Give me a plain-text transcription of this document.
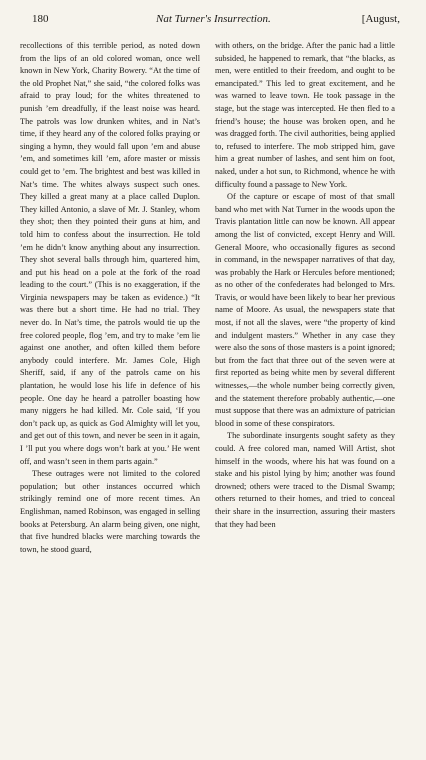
180	Nat Turner's Insurrection.	[August,

recollections of this terrible period, as noted down from the lips of an old colored woman, once well known in New York, Charity Bowery. “At the time of the old Prophet Nat,” she said, “the colored folks was afraid to pray loud; for the whites threatened to punish ’em dreadfully, if the least noise was heard. The patrols was low drunken whites, and in Nat’s time, if they heard any of the colored folks praying or singing a hymn, they would fall upon ’em and abuse ’em, and sometimes kill ’em, afore master or missis could get to ’em. The brightest and best was killed in Nat’s time. The whites always suspect such ones. They killed a great many at a place called Duplon. They killed Antonio, a slave of Mr. J. Stanley, whom they shot; then they pointed their guns at him, and told him to confess about the insurrection. He told ’em he didn’t know anything about any insurrection. They shot several balls through him, quartered him, and put his head on a pole at the fork of the road leading to the court.” (This is no exaggeration, if the Virginia newspapers may be taken as evidence.) “It was there but a short time. He had no trial. They never do. In Nat’s time, the patrols would tie up the free colored people, flog ’em, and try to make ’em lie against one another, and often killed them before anybody could interfere. Mr. James Cole, High Sheriff, said, if any of the patrols came on his plantation, he would lose his life in defence of his people. One day he heard a patroller boasting how many niggers he had killed. Mr. Cole said, ‘If you don’t pack up, as quick as God Almighty will let you, and get out of this town, and never be seen in it again, I ’ll put you where dogs won’t bark at you.’ He went off, and wasn’t seen in them parts again.”

These outrages were not limited to the colored population; but other instances occurred which strikingly remind one of more recent times. An Englishman, named Robinson, was engaged in selling books at Petersburg. An alarm being given, one night, that five hundred blacks were marching towards the town, he stood guard,

with others, on the bridge. After the panic had a little subsided, he happened to remark, that “the blacks, as men, were entitled to their freedom, and ought to be emancipated.” This led to great excitement, and he was warned to leave town. He took passage in the stage, but the stage was intercepted. He then fled to a friend’s house; the house was broken open, and he was dragged forth. The civil authorities, being applied to, refused to interfere. The mob stripped him, gave him a great number of lashes, and sent him on foot, naked, under a hot sun, to Richmond, whence he with difficulty found a passage to New York.

Of the capture or escape of most of that small band who met with Nat Turner in the woods upon the Travis plantation little can now be known. All appear among the list of convicted, except Henry and Will. General Moore, who occasionally figures as second in command, in the newspaper narratives of that day, was probably the Hark or Hercules before mentioned; as no other of the confederates had belonged to Mrs. Travis, or would have been likely to bear her previous name of Moore. As usual, the newspapers state that most, if not all the slaves, were “the property of kind and indulgent masters.” Whether in any case they were also the sons of those masters is a point ignored; but from the fact that three out of the seven were at first reported as being white men by several different witnesses,—the whole number being correctly given, and the statement therefore probably authentic,—one must suppose that there was an admixture of patrician blood in some of these conspirators.

The subordinate insurgents sought safety as they could. A free colored man, named Will Artist, shot himself in the woods, where his hat was found on a stake and his pistol lying by him; another was found drowned; others were traced to the Dismal Swamp; others returned to their homes, and tried to conceal their share in the insurrection, assuring their masters that they had been
